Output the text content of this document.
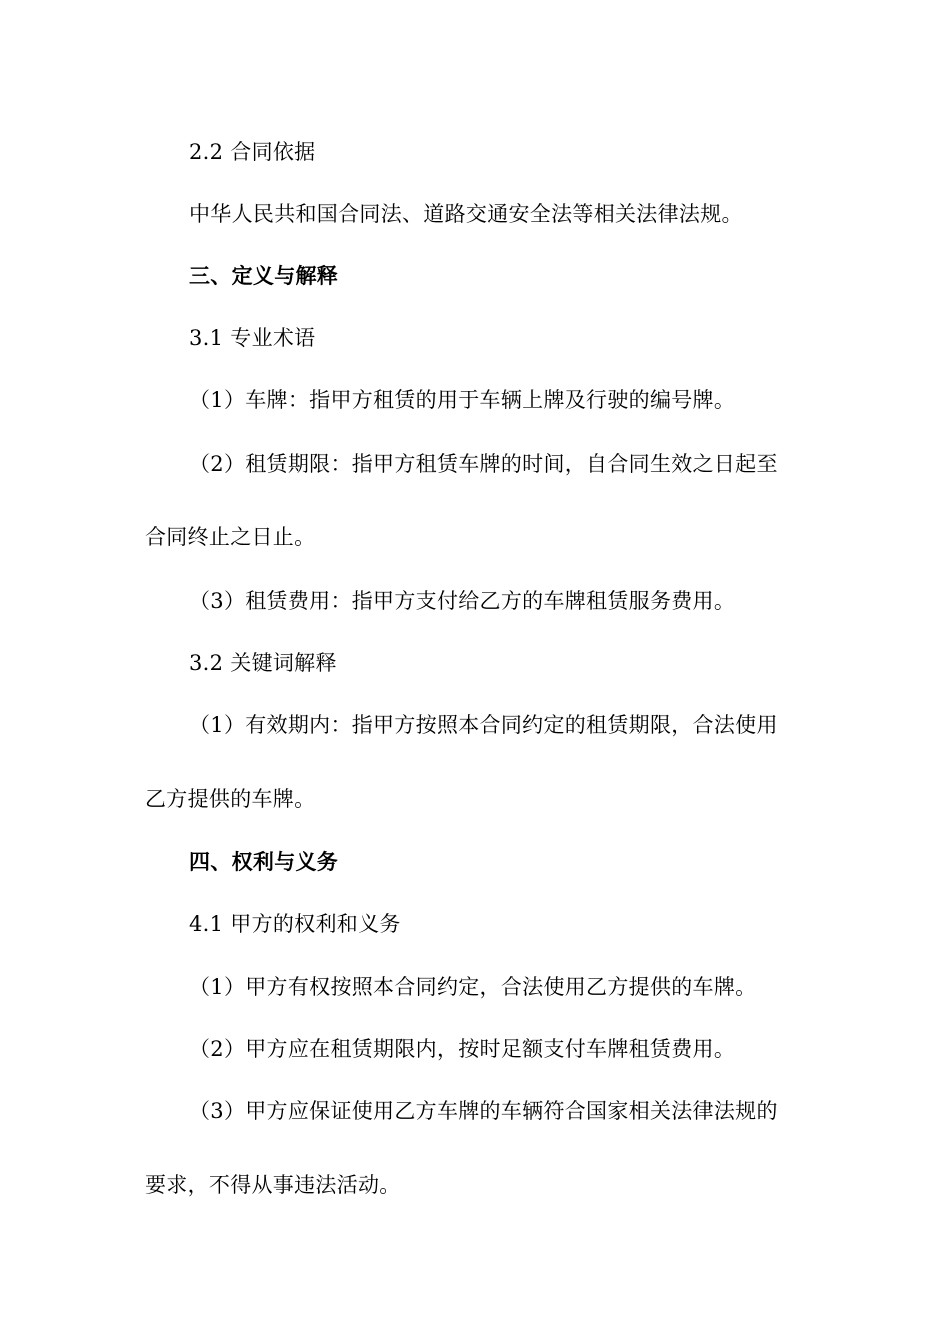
2.2 合同依据
中华人民共和国合同法、道路交通安全法等相关法律法规。
三、定义与解释
3.1 专业术语
（1）车牌：指甲方租赁的用于车辆上牌及行驶的编号牌。
（2）租赁期限：指甲方租赁车牌的时间，自合同生效之日起至
合同终止之日止。
（3）租赁费用：指甲方支付给乙方的车牌租赁服务费用。
3.2 关键词解释
（1）有效期内：指甲方按照本合同约定的租赁期限，合法使用
乙方提供的车牌。
四、权利与义务
4.1 甲方的权利和义务
（1）甲方有权按照本合同约定，合法使用乙方提供的车牌。
（2）甲方应在租赁期限内，按时足额支付车牌租赁费用。
（3）甲方应保证使用乙方车牌的车辆符合国家相关法律法规的
要求，不得从事违法活动。
